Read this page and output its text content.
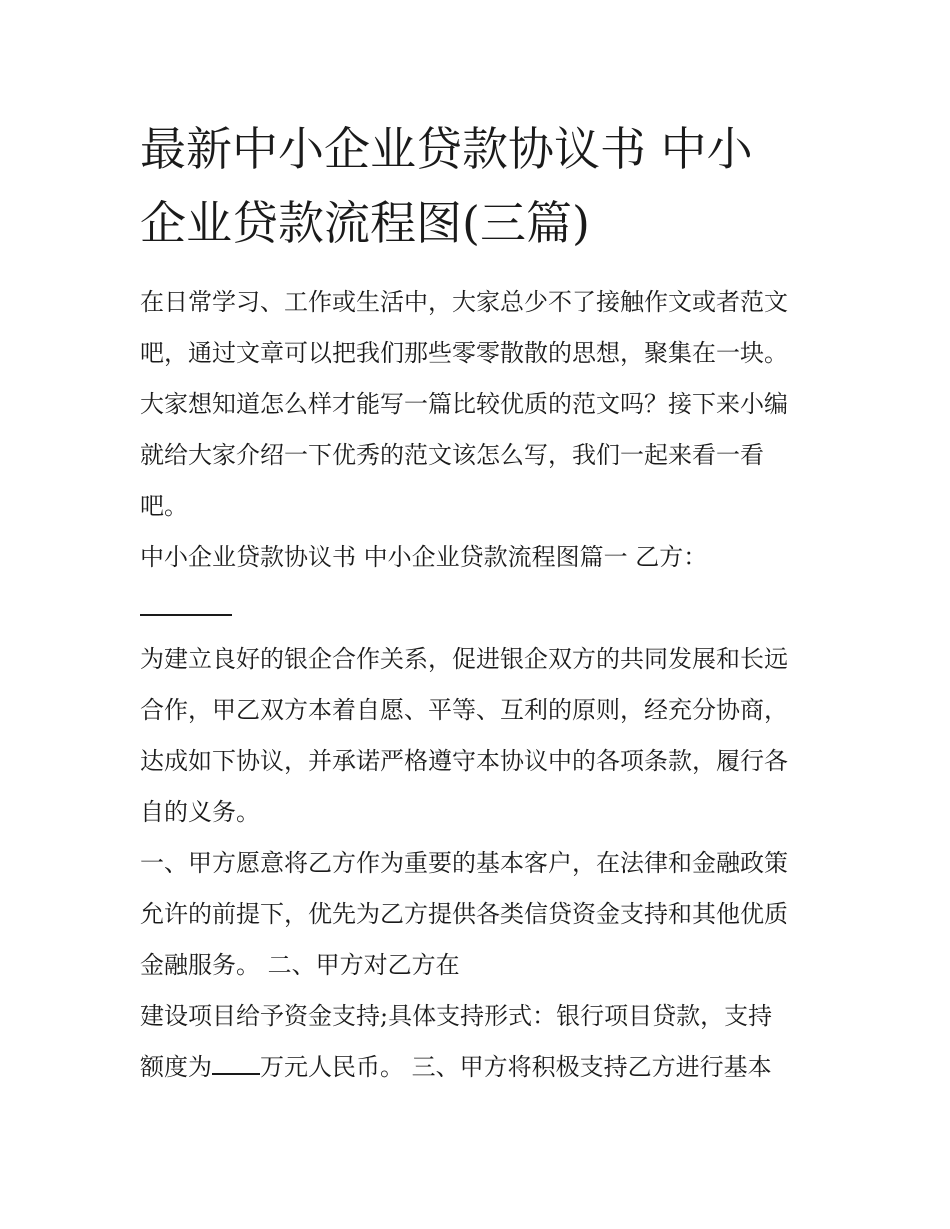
最新中小企业贷款协议书 中小
企业贷款流程图(三篇)
在日常学习、工作或生活中，大家总少不了接触作文或者范文
吧，通过文章可以把我们那些零零散散的思想，聚集在一块。
大家想知道怎么样才能写一篇比较优质的范文吗？接下来小编
就给大家介绍一下优秀的范文该怎么写，我们一起来看一看
吧。
中小企业贷款协议书 中小企业贷款流程图篇一 乙方：
为建立良好的银企合作关系，促进银企双方的共同发展和长远
合作，甲乙双方本着自愿、平等、互利的原则，经充分协商，
达成如下协议，并承诺严格遵守本协议中的各项条款，履行各
自的义务。
一、甲方愿意将乙方作为重要的基本客户，在法律和金融政策
允许的前提下，优先为乙方提供各类信贷资金支持和其他优质
金融服务。 二、甲方对乙方在
建设项目给予资金支持;具体支持形式：银行项目贷款，支持
额度为 万元人民币。 三、甲方将积极支持乙方进行基本
